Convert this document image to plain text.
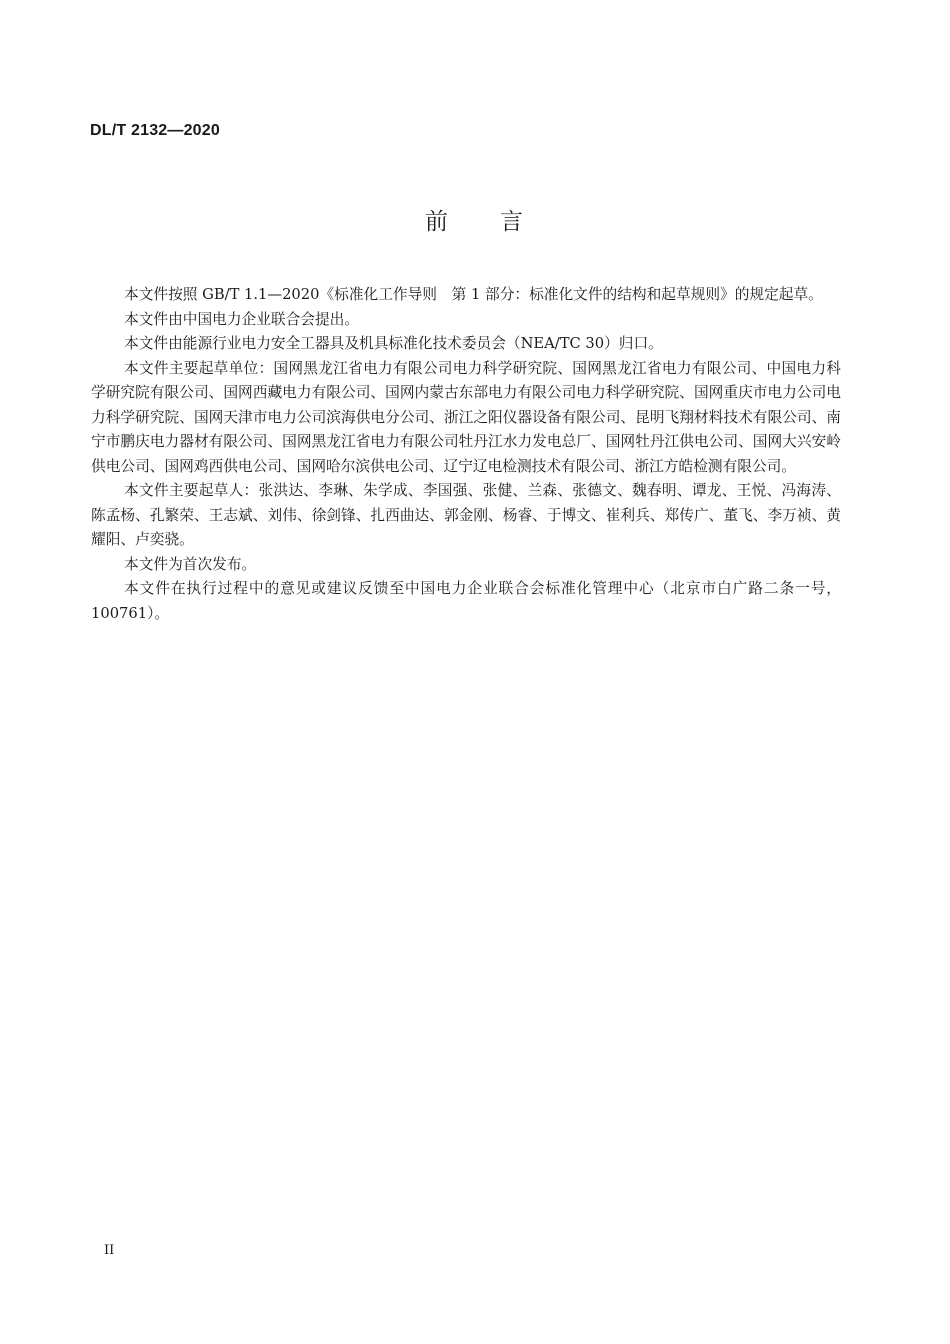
DL/T 2132—2020

前 言

本文件按照 GB/T 1.1—2020《标准化工作导则　第 1 部分：标准化文件的结构和起草规则》的规定起草。

本文件由中国电力企业联合会提出。

本文件由能源行业电力安全工器具及机具标准化技术委员会（NEA/TC 30）归口。

本文件主要起草单位：国网黑龙江省电力有限公司电力科学研究院、国网黑龙江省电力有限公司、中国电力科学研究院有限公司、国网西藏电力有限公司、国网内蒙古东部电力有限公司电力科学研究院、国网重庆市电力公司电力科学研究院、国网天津市电力公司滨海供电分公司、浙江之阳仪器设备有限公司、昆明飞翔材料技术有限公司、南宁市鹏庆电力器材有限公司、国网黑龙江省电力有限公司牡丹江水力发电总厂、国网牡丹江供电公司、国网大兴安岭供电公司、国网鸡西供电公司、国网哈尔滨供电公司、辽宁辽电检测技术有限公司、浙江方皓检测有限公司。

本文件主要起草人：张洪达、李琳、朱学成、李国强、张健、兰森、张德文、魏春明、谭龙、王悦、冯海涛、陈孟杨、孔繁荣、王志斌、刘伟、徐剑锋、扎西曲达、郭金刚、杨睿、于博文、崔利兵、郑传广、董飞、李万祯、黄耀阳、卢奕骁。

本文件为首次发布。

本文件在执行过程中的意见或建议反馈至中国电力企业联合会标准化管理中心（北京市白广路二条一号，100761）。

II
